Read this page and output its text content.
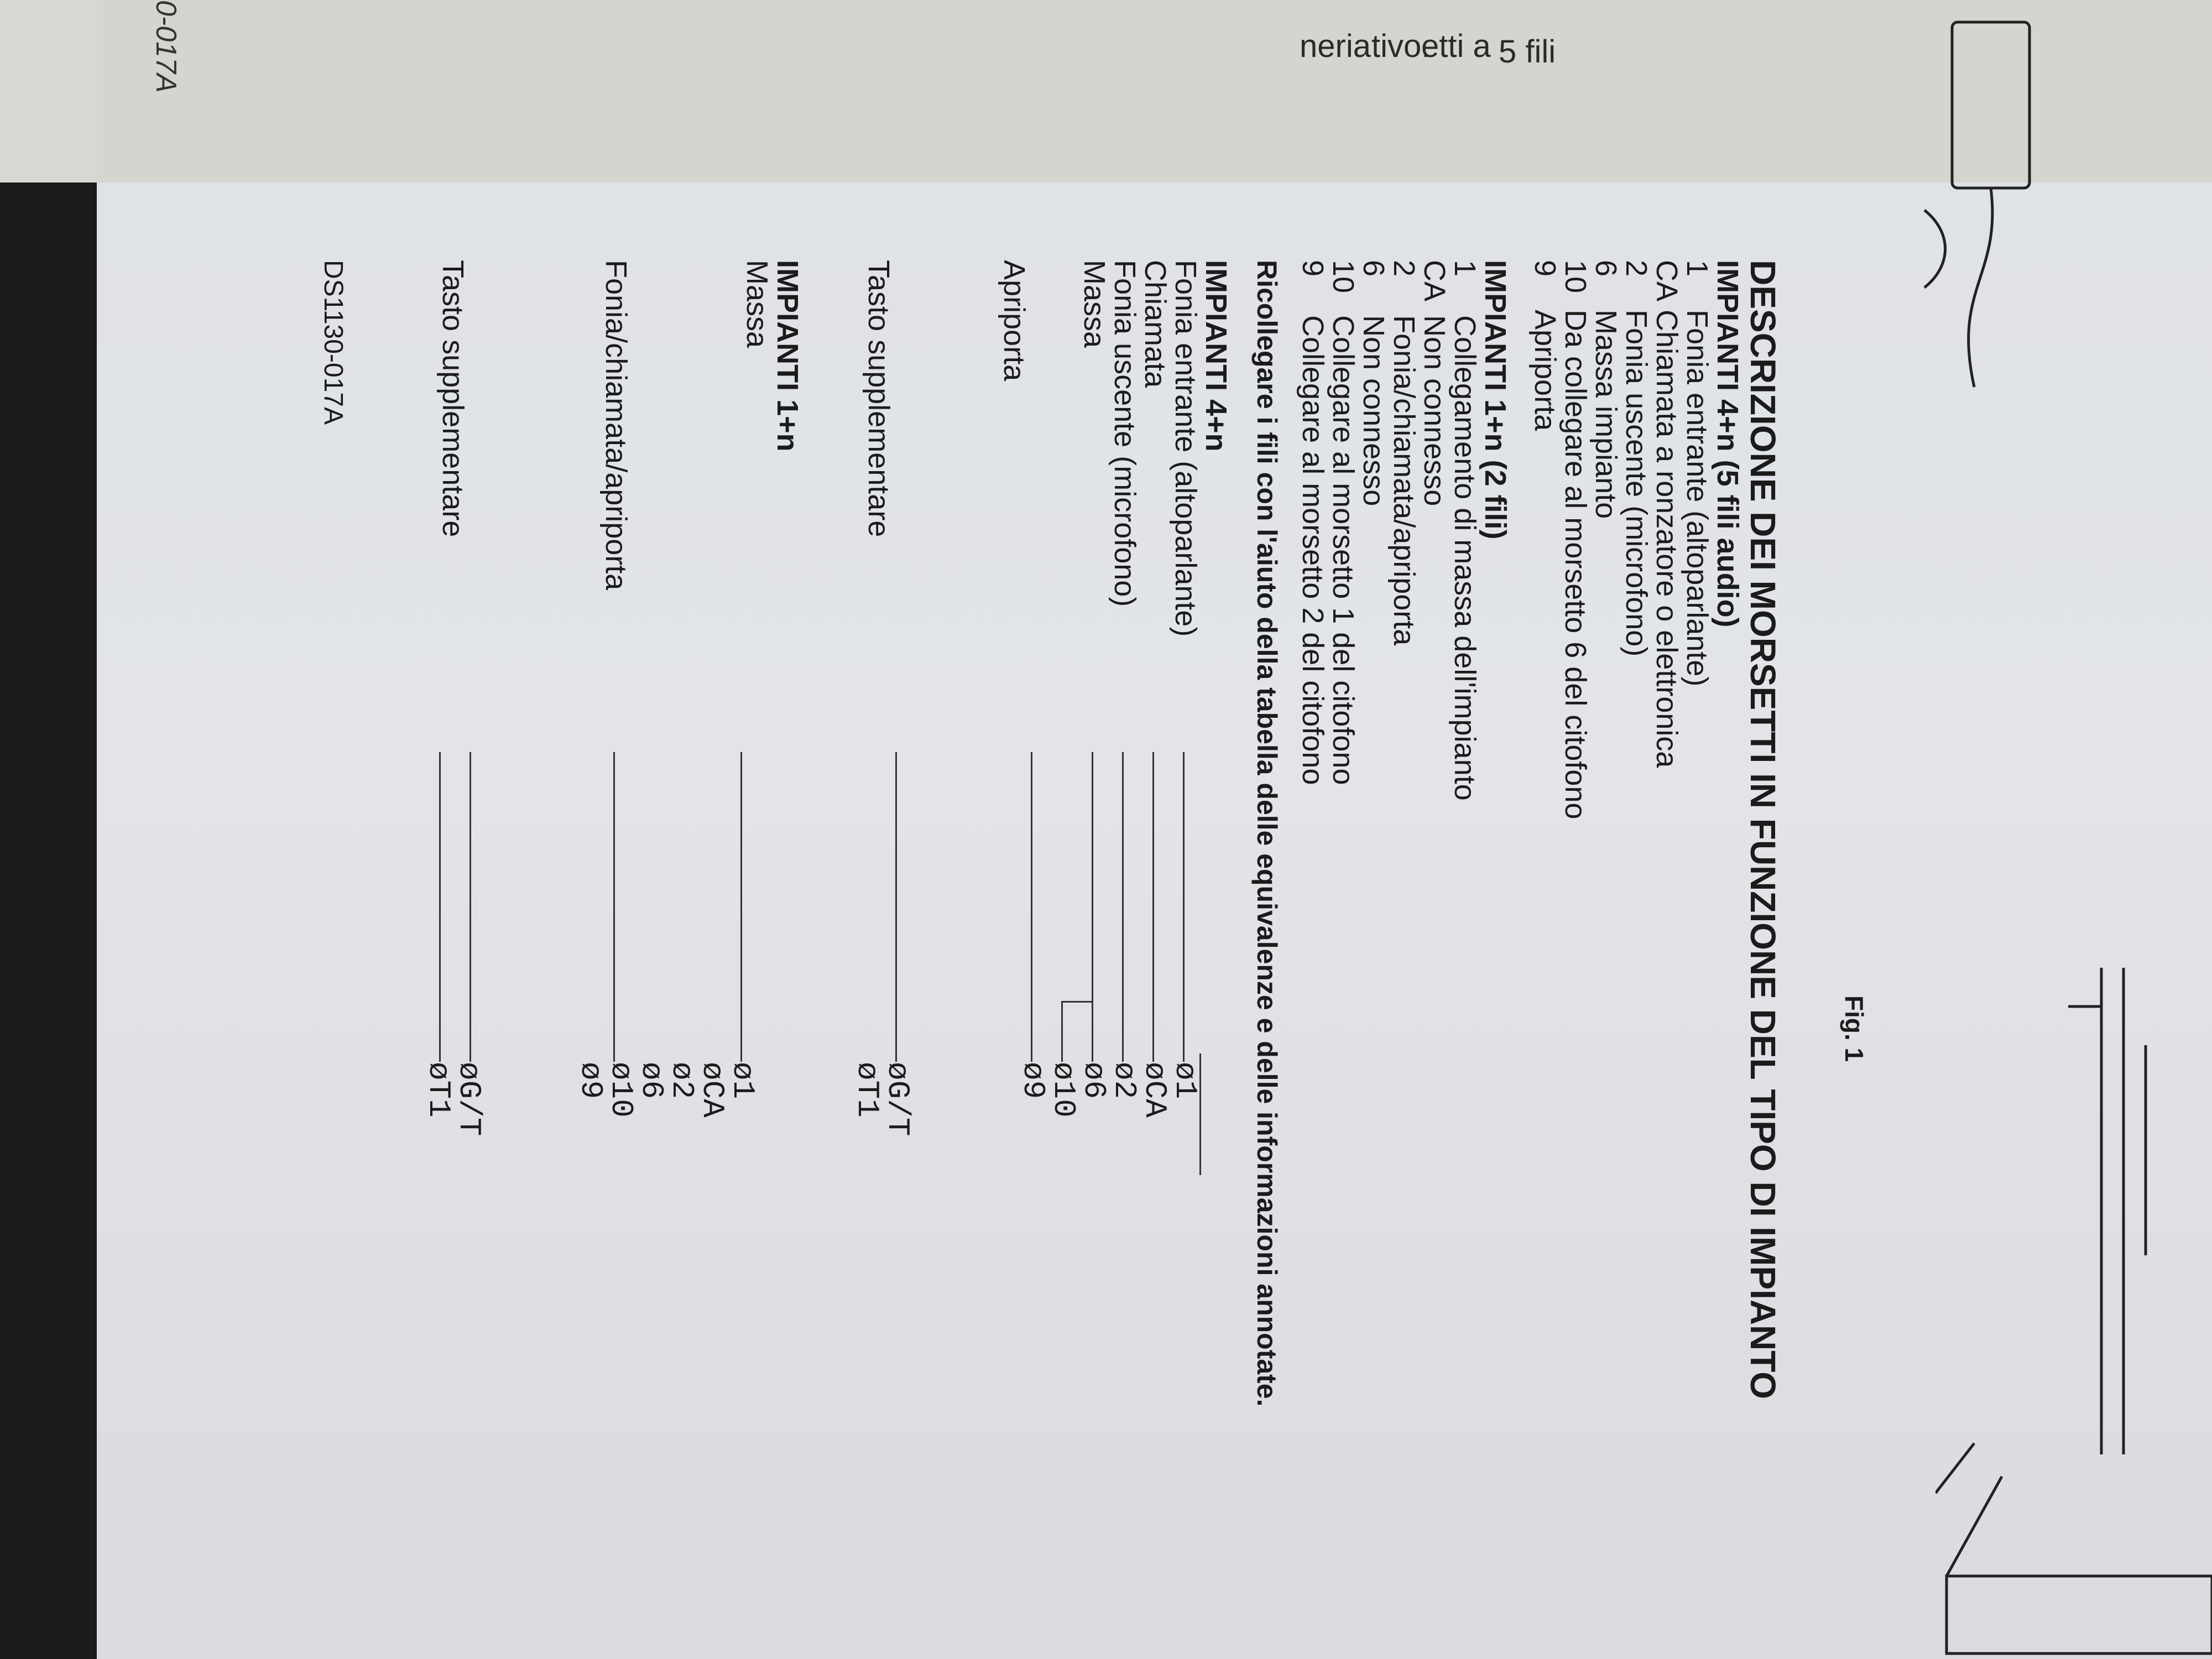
5 fili
etti a
tivo.
neria
0-017A
DESCRIZIONE DEI MORSETTI IN FUNZIONE DEL TIPO DI IMPIANTO
IMPIANTI 4+n (5 fili audio)
1
Fonia entrante (altoparlante)
CA
Chiamata a ronzatore o elettronica
2
Fonia uscente (microfono)
6
Massa impianto
10
Da collegare al morsetto 6 del citofono
9
Apriporta
IMPIANTI 1+n (2 fili)
1
Collegamento di massa dell'impianto
CA
Non connesso
2
Fonia/chiamata/apriporta
6
Non connesso
10
Collegare al morsetto 1 del citofono
9
Collegare al morsetto 2 del citofono
Ricollegare i fili con l'aiuto della tabella delle equivalenze e delle informazioni annotate.
IMPIANTI 4+n
Fonia entrante (altoparlante)
Chiamata
Fonia uscente (microfono)
Massa
Apriporta
Tasto supplementare
ø1
øCA
ø2
ø6
ø10
ø9
øG/T
øT1
IMPIANTI 1+n
Massa
Fonia/chiamata/apriporta
Tasto supplementare
ø1
øCA
ø2
ø6
ø10
ø9
øG/T
øT1
DS1130-017A
Fig. 1
